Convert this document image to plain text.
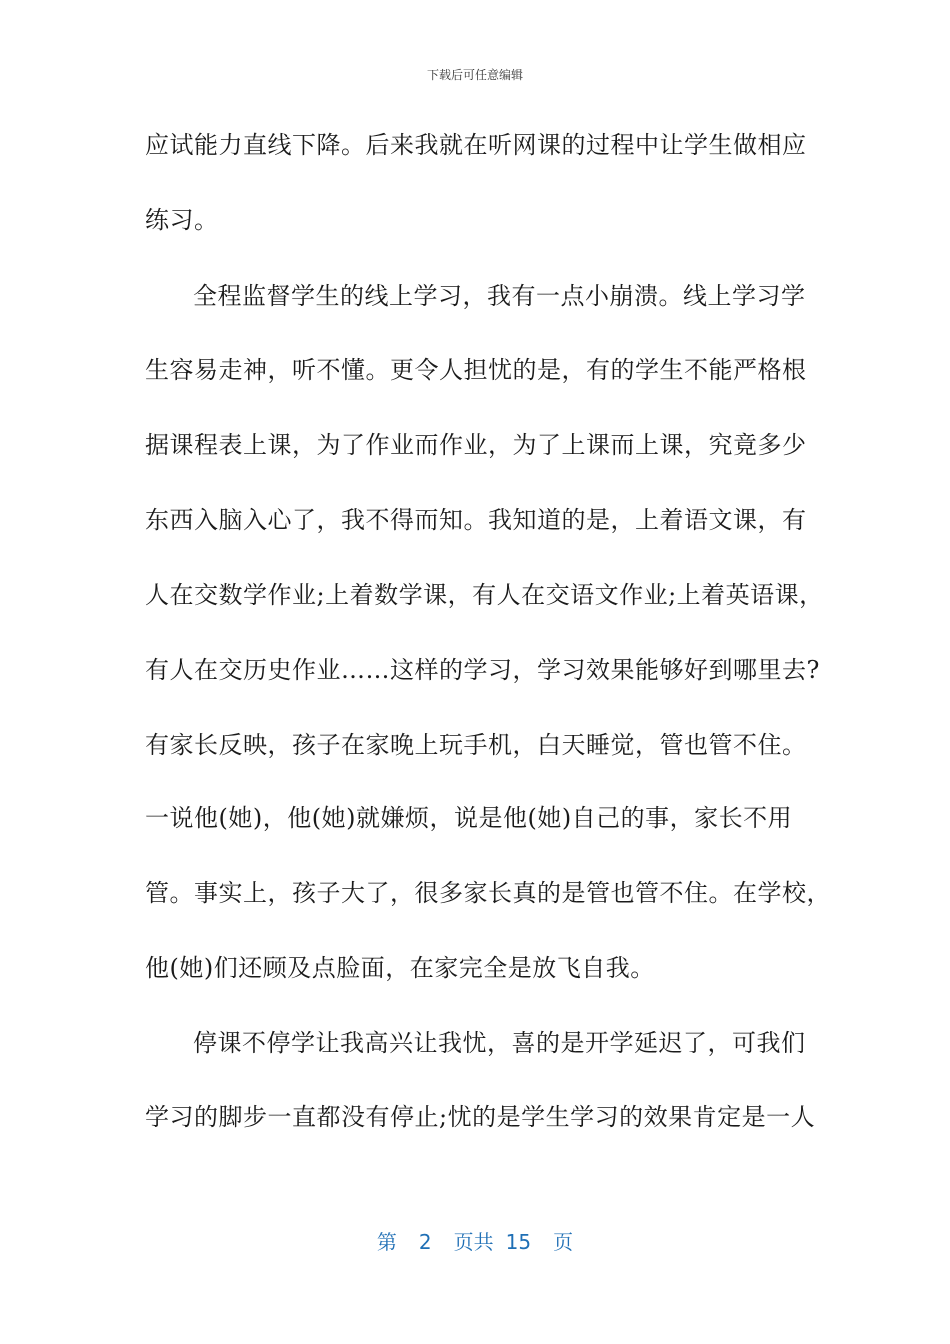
下载后可任意编辑
应试能力直线下降。后来我就在听网课的过程中让学生做相应
练习。
全程监督学生的线上学习，我有一点小崩溃。线上学习学
生容易走神，听不懂。更令人担忧的是，有的学生不能严格根
据课程表上课，为了作业而作业，为了上课而上课，究竟多少
东西入脑入心了，我不得而知。我知道的是，上着语文课，有
人在交数学作业;上着数学课，有人在交语文作业;上着英语课，
有人在交历史作业……这样的学习，学习效果能够好到哪里去?
有家长反映，孩子在家晚上玩手机，白天睡觉，管也管不住。
一说他(她)，他(她)就嫌烦，说是他(她)自己的事，家长不用
管。事实上，孩子大了，很多家长真的是管也管不住。在学校，
他(她)们还顾及点脸面，在家完全是放飞自我。
停课不停学让我高兴让我忧，喜的是开学延迟了，可我们
学习的脚步一直都没有停止;忧的是学生学习的效果肯定是一人
第 2 页共 15 页
